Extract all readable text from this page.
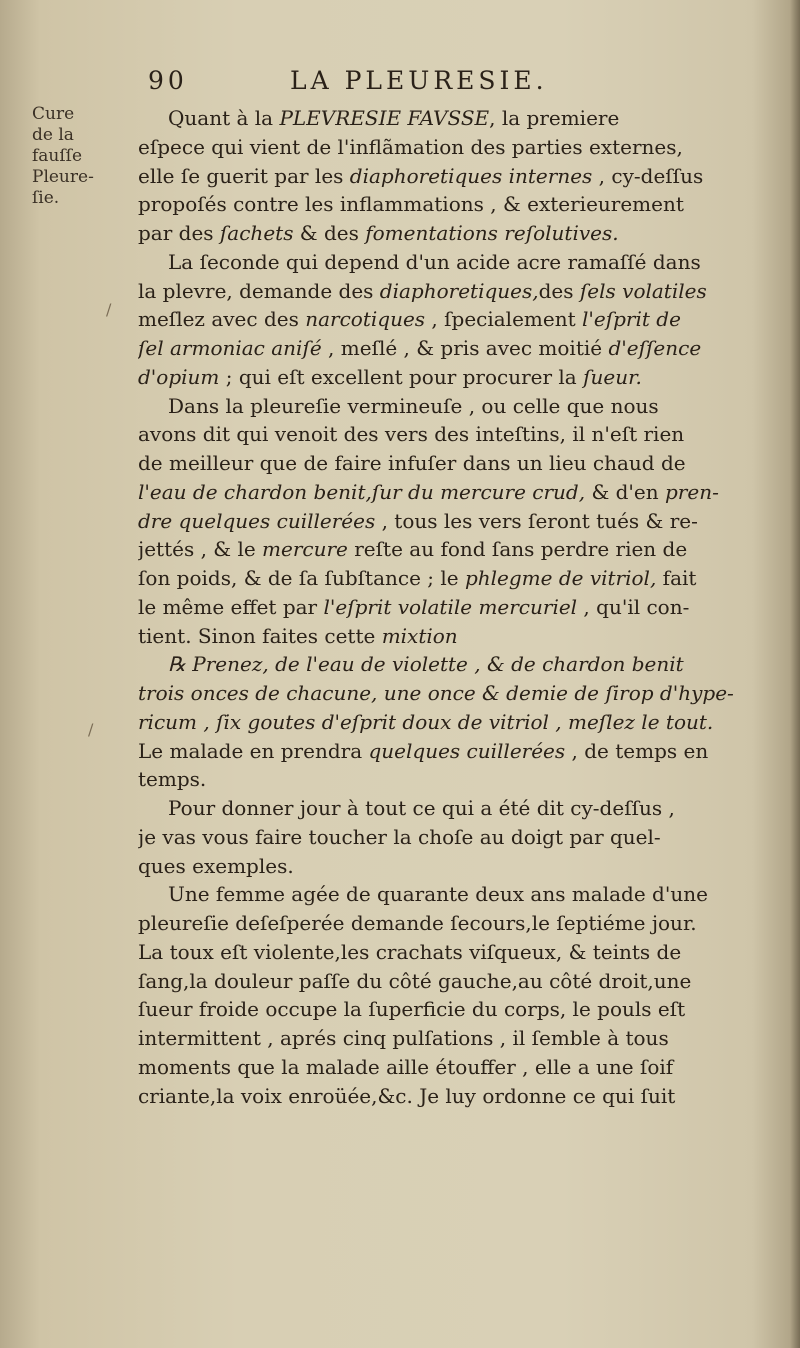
90	LA PLEURESIE.
Cure
de la
fauſſe
Pleure-
ſie.
Quant à la PLEVRESIE FAVSSE, la premiere
eſpece qui vient de l'inflãmation des parties externes,
elle ſe guerit par les diaphoretiques internes , cy-deſſus
propoſés contre les inflammations , & exterieurement
par des ſachets & des fomentations reſolutives.
La ſeconde qui depend d'un acide acre ramaſſé dans
la plevre, demande des diaphoretiques,des ſels volatiles
meſlez avec des narcotiques , ſpecialement l'eſprit de
ſel armoniac aniſé , meſlé , & pris avec moitié d'eſſence
d'opium ; qui eſt excellent pour procurer la ſueur.
Dans la pleureſie vermineuſe , ou celle que nous
avons dit qui venoit des vers des inteſtins, il n'eſt rien
de meilleur que de faire infuſer dans un lieu chaud de
l'eau de chardon benit,ſur du mercure crud, & d'en pren-
dre quelques cuillerées , tous les vers ſeront tués & re-
jettés , & le mercure reſte au fond ſans perdre rien de
ſon poids, & de ſa ſubſtance ; le phlegme de vitriol, fait
le même effet par l'eſprit volatile mercuriel , qu'il con-
tient. Sinon faites cette mixtion
℞ Prenez, de l'eau de violette , & de chardon benit
trois onces de chacune, une once & demie de ſirop d'hype-
ricum , ſix goutes d'eſprit doux de vitriol , meſlez le tout.
Le malade en prendra quelques cuillerées , de temps en
temps.
Pour donner jour à tout ce qui a été dit cy-deſſus ,
je vas vous faire toucher la choſe au doigt par quel-
ques exemples.
Une femme agée de quarante deux ans malade d'une
pleureſie deſeſperée demande ſecours,le ſeptiéme jour.
La toux eſt violente,les crachats viſqueux, & teints de
ſang,la douleur paſſe du côté gauche,au côté droit,une
ſueur froide occupe la ſuperficie du corps, le pouls eſt
intermittent , aprés cinq pulſations , il ſemble à tous
moments que la malade aille étouffer , elle a une ſoif
criante,la voix enroüée,&c. Je luy ordonne ce qui ſuit
/
/
